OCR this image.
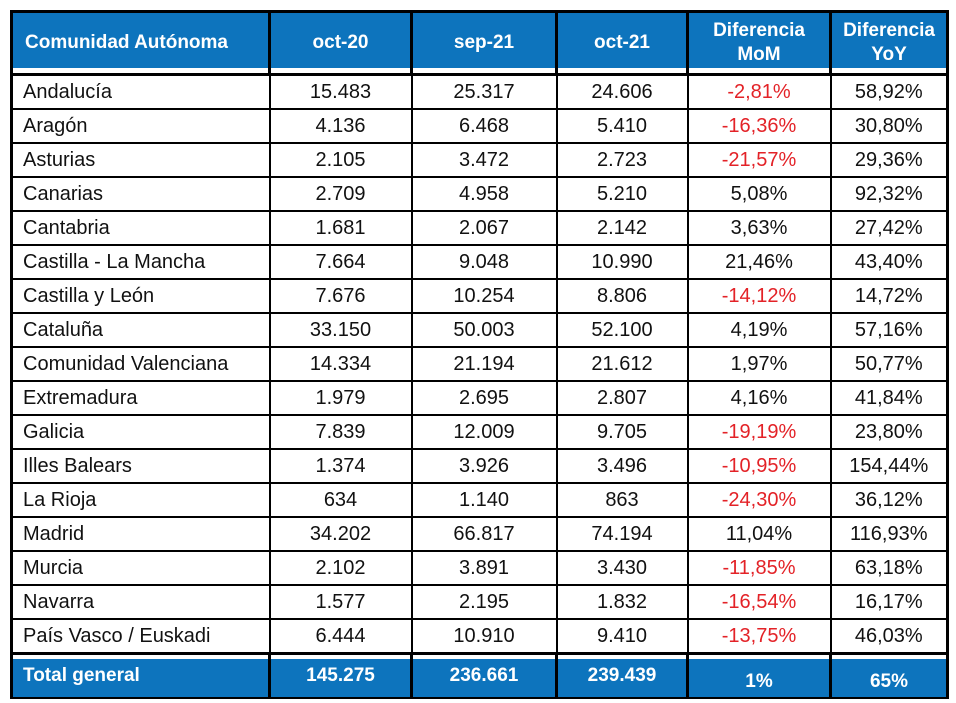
Comunidad Autónoma	oct-20	sep-21	oct-21	Diferencia MoM	Diferencia YoY
Andalucía	15.483	25.317	24.606	-2,81%	58,92%
Aragón	4.136	6.468	5.410	-16,36%	30,80%
Asturias	2.105	3.472	2.723	-21,57%	29,36%
Canarias	2.709	4.958	5.210	5,08%	92,32%
Cantabria	1.681	2.067	2.142	3,63%	27,42%
Castilla - La Mancha	7.664	9.048	10.990	21,46%	43,40%
Castilla y León	7.676	10.254	8.806	-14,12%	14,72%
Cataluña	33.150	50.003	52.100	4,19%	57,16%
Comunidad Valenciana	14.334	21.194	21.612	1,97%	50,77%
Extremadura	1.979	2.695	2.807	4,16%	41,84%
Galicia	7.839	12.009	9.705	-19,19%	23,80%
Illes Balears	1.374	3.926	3.496	-10,95%	154,44%
La Rioja	634	1.140	863	-24,30%	36,12%
Madrid	34.202	66.817	74.194	11,04%	116,93%
Murcia	2.102	3.891	3.430	-11,85%	63,18%
Navarra	1.577	2.195	1.832	-16,54%	16,17%
País Vasco / Euskadi	6.444	10.910	9.410	-13,75%	46,03%
Total general	145.275	236.661	239.439	1%	65%
